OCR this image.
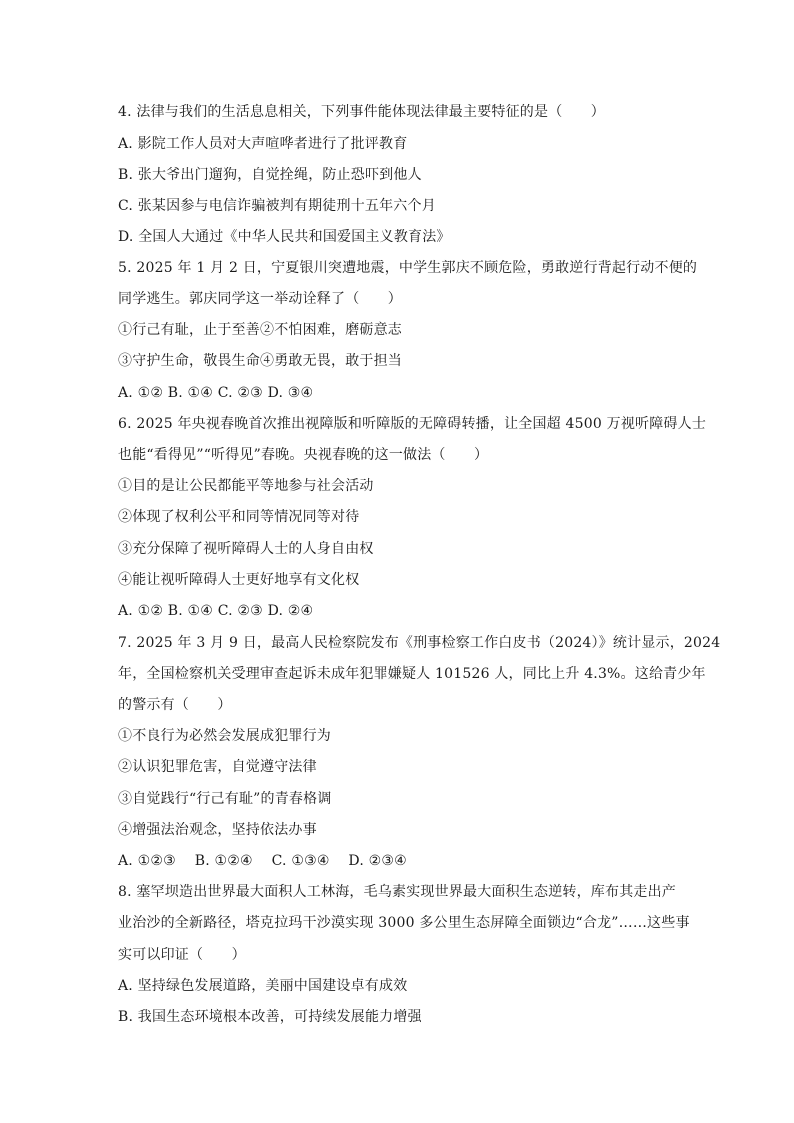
4. 法律与我们的生活息息相关，下列事件能体现法律最主要特征的是（　　）
A. 影院工作人员对大声喧哗者进行了批评教育
B. 张大爷出门遛狗，自觉拴绳，防止恐吓到他人
C. 张某因参与电信诈骗被判有期徒刑十五年六个月
D. 全国人大通过《中华人民共和国爱国主义教育法》
5. 2025 年 1 月 2 日，宁夏银川突遭地震，中学生郭庆不顾危险，勇敢逆行背起行动不便的
同学逃生。郭庆同学这一举动诠释了（　　）
①行己有耻，止于至善②不怕困难，磨砺意志
③守护生命，敬畏生命④勇敢无畏，敢于担当
A. ①② B. ①④ C. ②③ D. ③④
6. 2025 年央视春晚首次推出视障版和听障版的无障碍转播，让全国超 4500 万视听障碍人士
也能“看得见”“听得见”春晚。央视春晚的这一做法（　　）
①目的是让公民都能平等地参与社会活动
②体现了权利公平和同等情况同等对待
③充分保障了视听障碍人士的人身自由权
④能让视听障碍人士更好地享有文化权
A. ①② B. ①④ C. ②③ D. ②④
7. 2025 年 3 月 9 日，最高人民检察院发布《刑事检察工作白皮书（2024）》统计显示，2024
年，全国检察机关受理审查起诉未成年犯罪嫌疑人 101526 人，同比上升 4.3%。这给青少年
的警示有（　　）
①不良行为必然会发展成犯罪行为
②认识犯罪危害，自觉遵守法律
③自觉践行“行己有耻”的青春格调
④增强法治观念，坚持依法办事
A. ①②③　 B. ①②④　 C. ①③④　 D. ②③④
8. 塞罕坝造出世界最大面积人工林海，毛乌素实现世界最大面积生态逆转，库布其走出产
业治沙的全新路径，塔克拉玛干沙漠实现 3000 多公里生态屏障全面锁边“合龙”……这些事
实可以印证（　　）
A. 坚持绿色发展道路，美丽中国建设卓有成效
B. 我国生态环境根本改善，可持续发展能力增强
